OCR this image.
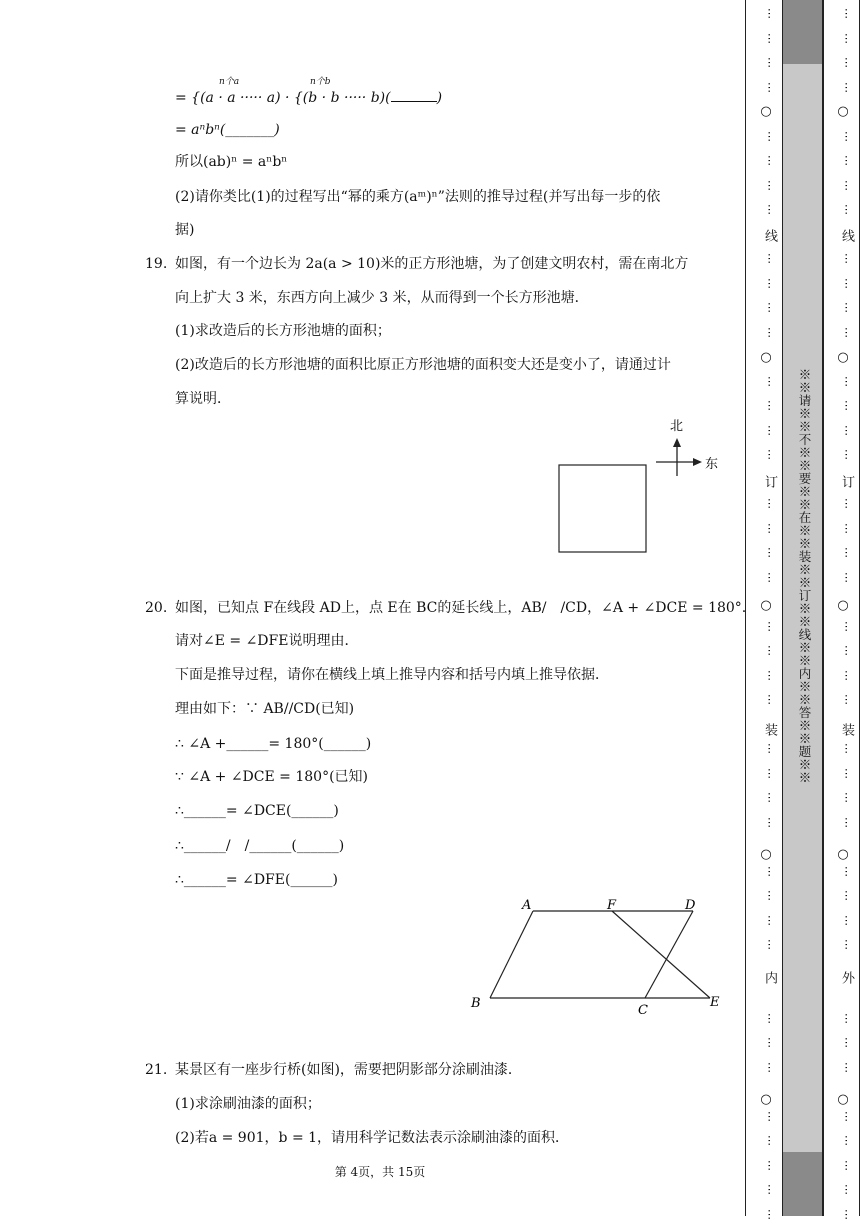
n个a	n个b
= {(a · a ····· a) · {(b · b ····· b)(	)
= aⁿbⁿ(_______)
所以(ab)ⁿ = aⁿbⁿ
(2)请你类比(1)的过程写出“幂的乘方(aᵐ)ⁿ”法则的推导过程(并写出每一步的依
据)
19. 如图，有一个边长为 2a(a > 10)米的正方形池塘，为了创建文明农村，需在南北方
向上扩大 3 米，东西方向上减少 3 米，从而得到一个长方形池塘．
(1)求改造后的长方形池塘的面积；
(2)改造后的长方形池塘的面积比原正方形池塘的面积变大还是变小了，请通过计
算说明．
北
东
20. 如图，已知点 F在线段 AD上，点 E在 BC的延长线上，AB/　/CD，∠A + ∠DCE = 180°.
请对∠E = ∠DFE说明理由．
下面是推导过程，请你在横线上填上推导内容和括号内填上推导依据．
理由如下：∵ AB//CD(已知)
∴ ∠A +______= 180°(______)
∵ ∠A + ∠DCE = 180°(已知)
∴______= ∠DCE(______)
∴______/　/______(______)
∴______= ∠DFE(______)
A	F	D
B	C
E
21. 某景区有一座步行桥(如图)，需要把阴影部分涂刷油漆．
(1)求涂刷油漆的面积；
(2)若a = 901，b = 1，请用科学记数法表示涂刷油漆的面积．
第 4页，共 15页
※※请※※不※※要※※在※※装※※订※※线※※内※※答※※题※※
⋯
⋯
⋯
⋯
⋯
⋯
⋯
⋯
⋯
⋯
⋯
⋯
⋯
⋯
⋯
⋯
⋯
⋯
⋯
⋯
⋯
⋯
⋯
⋯
⋯
⋯
⋯
⋯
⋯
⋯
⋯
⋯
⋯
⋯
⋯
⋯
⋯
⋯
⋯
⋯
○
○
○
○
○
线
订
装
内
⋯
⋯
⋯
⋯
⋯
⋯
⋯
⋯
⋯
⋯
⋯
⋯
⋯
⋯
⋯
⋯
⋯
⋯
⋯
⋯
⋯
⋯
⋯
⋯
⋯
⋯
⋯
⋯
⋯
⋯
⋯
⋯
⋯
⋯
⋯
⋯
⋯
⋯
⋯
⋯
○
○
○
○
○
线
订
装
外
